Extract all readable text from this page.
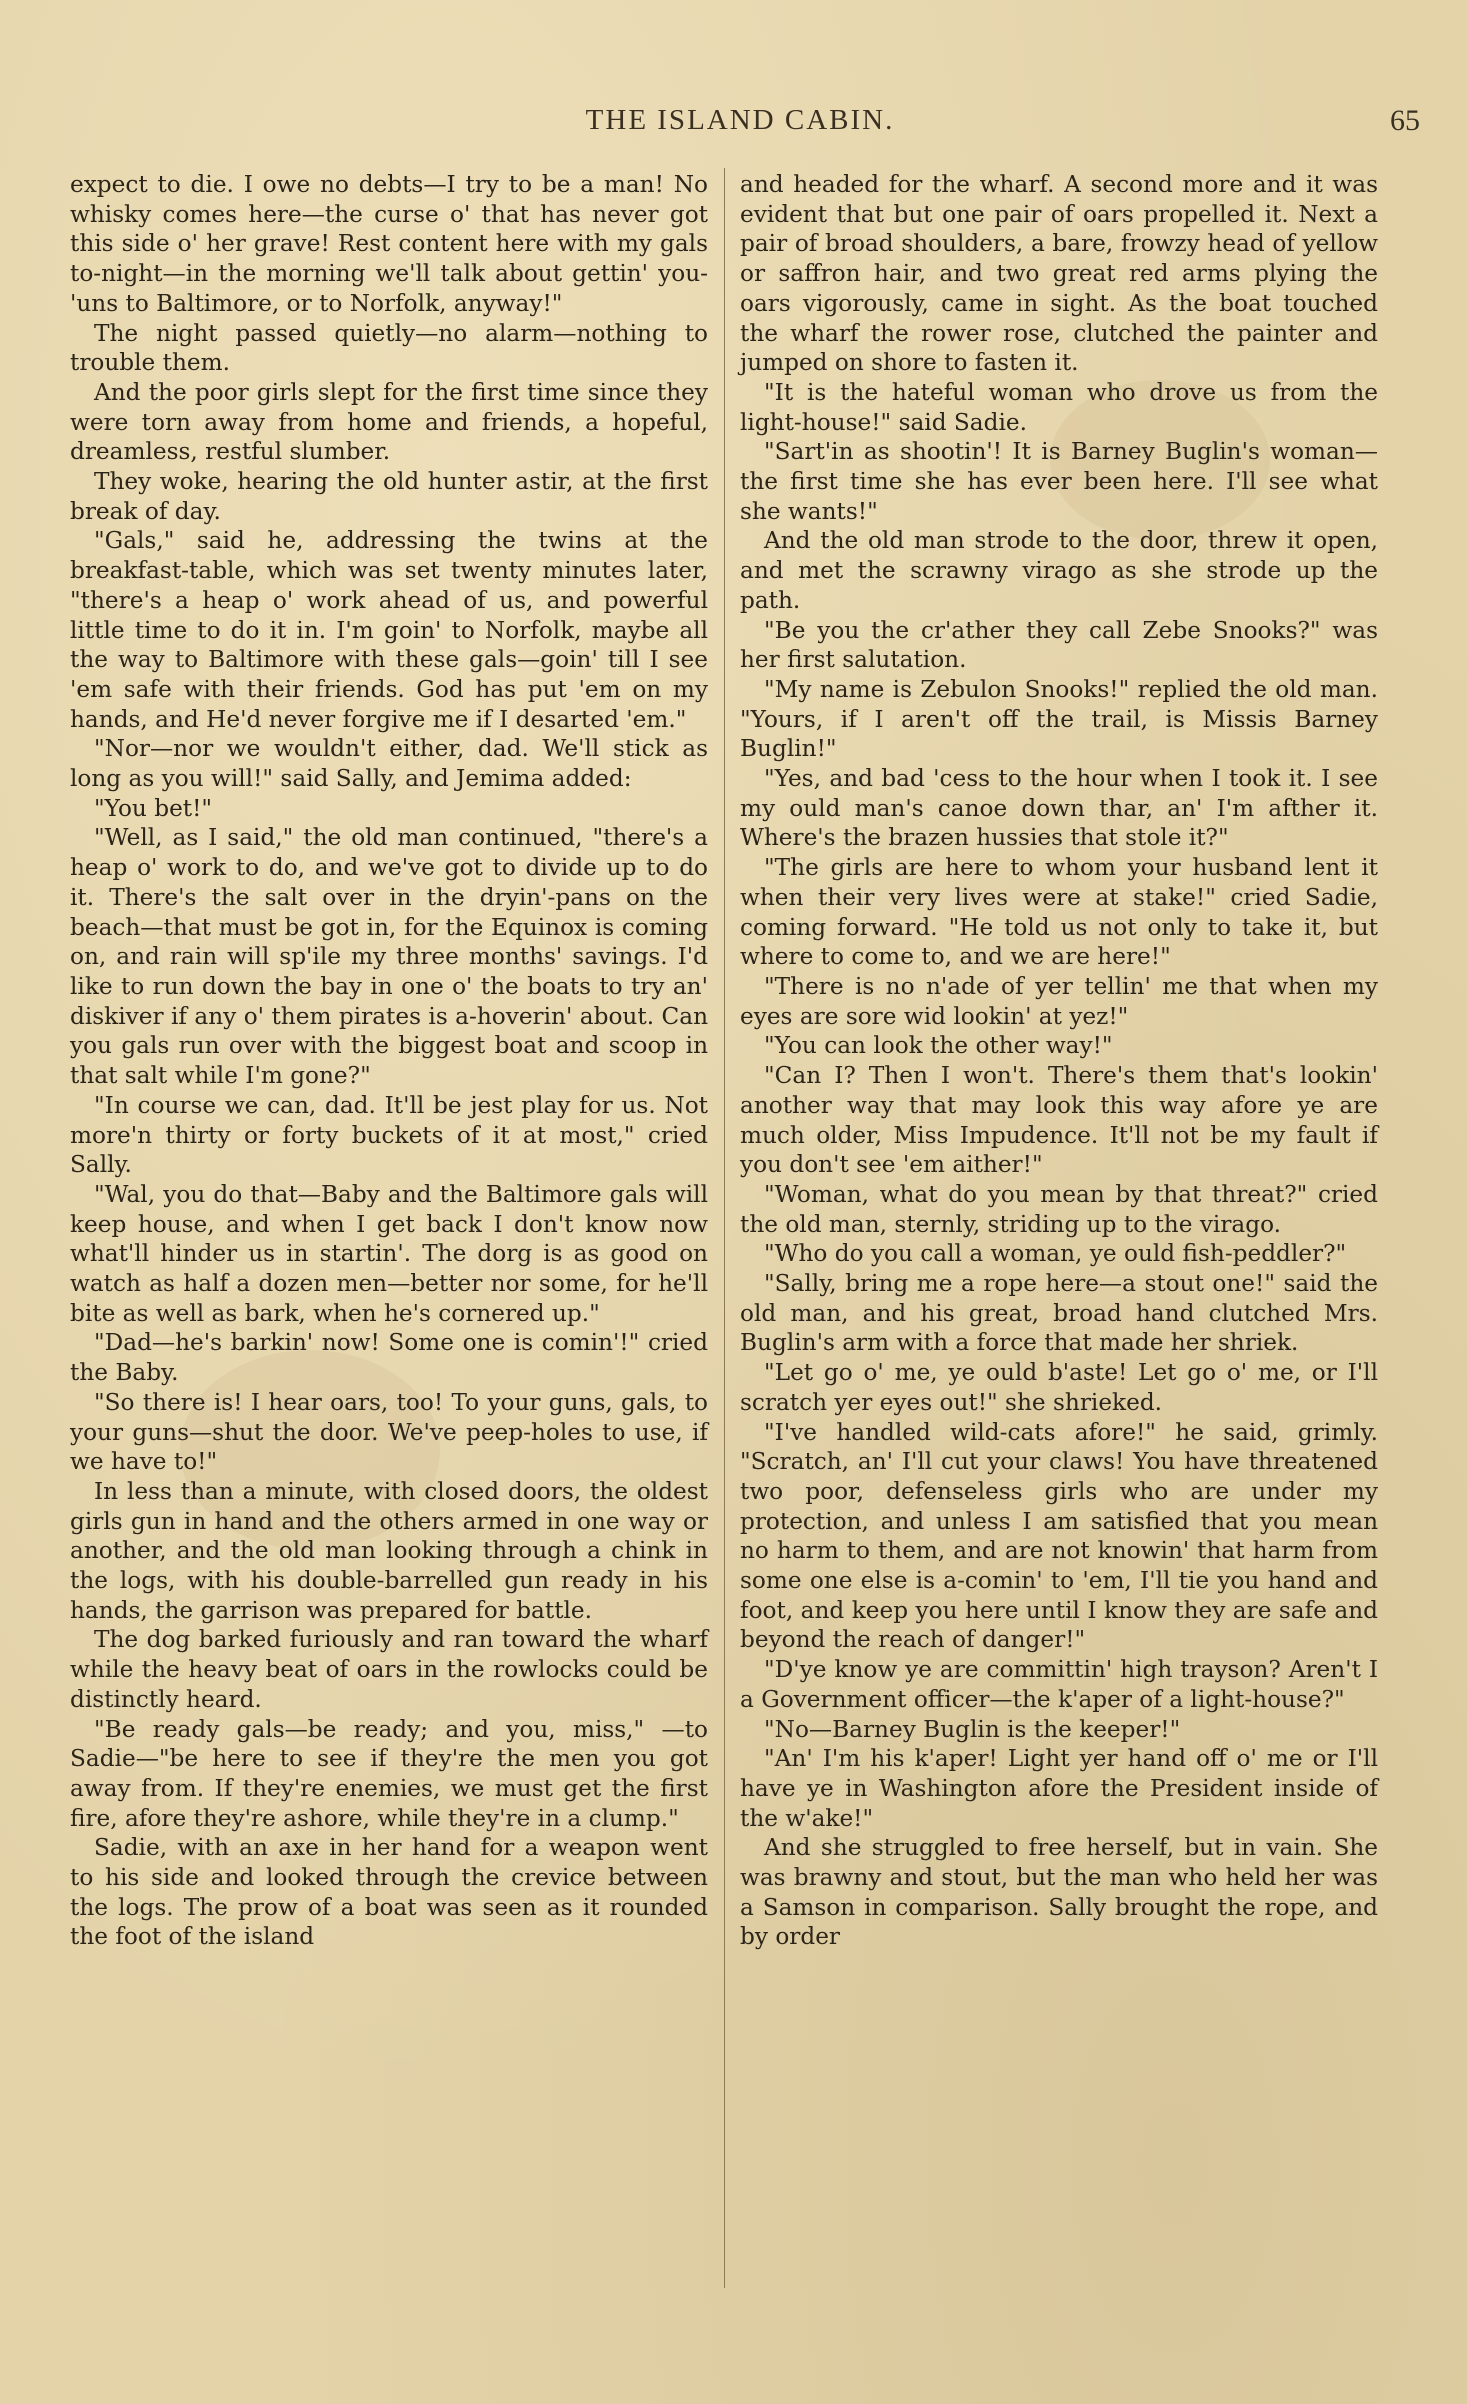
THE ISLAND CABIN.	65

expect to die. I owe no debts—I try to be a man! No whisky comes here—the curse o' that has never got this side o' her grave! Rest content here with my gals to-night—in the morning we'll talk about gettin' you-'uns to Baltimore, or to Norfolk, anyway!"

The night passed quietly—no alarm—nothing to trouble them.

And the poor girls slept for the first time since they were torn away from home and friends, a hopeful, dreamless, restful slumber.

They woke, hearing the old hunter astir, at the first break of day.

"Gals," said he, addressing the twins at the breakfast-table, which was set twenty minutes later, "there's a heap o' work ahead of us, and powerful little time to do it in. I'm goin' to Norfolk, maybe all the way to Baltimore with these gals—goin' till I see 'em safe with their friends. God has put 'em on my hands, and He'd never forgive me if I desarted 'em."

"Nor—nor we wouldn't either, dad. We'll stick as long as you will!" said Sally, and Jemima added:

"You bet!"

"Well, as I said," the old man continued, "there's a heap o' work to do, and we've got to divide up to do it. There's the salt over in the dryin'-pans on the beach—that must be got in, for the Equinox is coming on, and rain will sp'ile my three months' savings. I'd like to run down the bay in one o' the boats to try an' diskiver if any o' them pirates is a-hoverin' about. Can you gals run over with the biggest boat and scoop in that salt while I'm gone?"

"In course we can, dad. It'll be jest play for us. Not more'n thirty or forty buckets of it at most," cried Sally.

"Wal, you do that—Baby and the Baltimore gals will keep house, and when I get back I don't know now what'll hinder us in startin'. The dorg is as good on watch as half a dozen men—better nor some, for he'll bite as well as bark, when he's cornered up."

"Dad—he's barkin' now! Some one is comin'!" cried the Baby.

"So there is! I hear oars, too! To your guns, gals, to your guns—shut the door. We've peep-holes to use, if we have to!"

In less than a minute, with closed doors, the oldest girls gun in hand and the others armed in one way or another, and the old man looking through a chink in the logs, with his double-barrelled gun ready in his hands, the garrison was prepared for battle.

The dog barked furiously and ran toward the wharf while the heavy beat of oars in the rowlocks could be distinctly heard.

"Be ready gals—be ready; and you, miss," —to Sadie—"be here to see if they're the men you got away from. If they're enemies, we must get the first fire, afore they're ashore, while they're in a clump."

Sadie, with an axe in her hand for a weapon went to his side and looked through the crevice between the logs. The prow of a boat was seen as it rounded the foot of the island

and headed for the wharf. A second more and it was evident that but one pair of oars propelled it. Next a pair of broad shoulders, a bare, frowzy head of yellow or saffron hair, and two great red arms plying the oars vigorously, came in sight. As the boat touched the wharf the rower rose, clutched the painter and jumped on shore to fasten it.

"It is the hateful woman who drove us from the light-house!" said Sadie.

"Sart'in as shootin'! It is Barney Buglin's woman—the first time she has ever been here. I'll see what she wants!"

And the old man strode to the door, threw it open, and met the scrawny virago as she strode up the path.

"Be you the cr'ather they call Zebe Snooks?" was her first salutation.

"My name is Zebulon Snooks!" replied the old man. "Yours, if I aren't off the trail, is Missis Barney Buglin!"

"Yes, and bad 'cess to the hour when I took it. I see my ould man's canoe down thar, an' I'm afther it. Where's the brazen hussies that stole it?"

"The girls are here to whom your husband lent it when their very lives were at stake!" cried Sadie, coming forward. "He told us not only to take it, but where to come to, and we are here!"

"There is no n'ade of yer tellin' me that when my eyes are sore wid lookin' at yez!"

"You can look the other way!"

"Can I? Then I won't. There's them that's lookin' another way that may look this way afore ye are much older, Miss Impudence. It'll not be my fault if you don't see 'em aither!"

"Woman, what do you mean by that threat?" cried the old man, sternly, striding up to the virago.

"Who do you call a woman, ye ould fish-peddler?"

"Sally, bring me a rope here—a stout one!" said the old man, and his great, broad hand clutched Mrs. Buglin's arm with a force that made her shriek.

"Let go o' me, ye ould b'aste! Let go o' me, or I'll scratch yer eyes out!" she shrieked.

"I've handled wild-cats afore!" he said, grimly. "Scratch, an' I'll cut your claws! You have threatened two poor, defenseless girls who are under my protection, and unless I am satisfied that you mean no harm to them, and are not knowin' that harm from some one else is a-comin' to 'em, I'll tie you hand and foot, and keep you here until I know they are safe and beyond the reach of danger!"

"D'ye know ye are committin' high trayson? Aren't I a Government officer—the k'aper of a light-house?"

"No—Barney Buglin is the keeper!"

"An' I'm his k'aper! Light yer hand off o' me or I'll have ye in Washington afore the President inside of the w'ake!"

And she struggled to free herself, but in vain. She was brawny and stout, but the man who held her was a Samson in comparison. Sally brought the rope, and by order
